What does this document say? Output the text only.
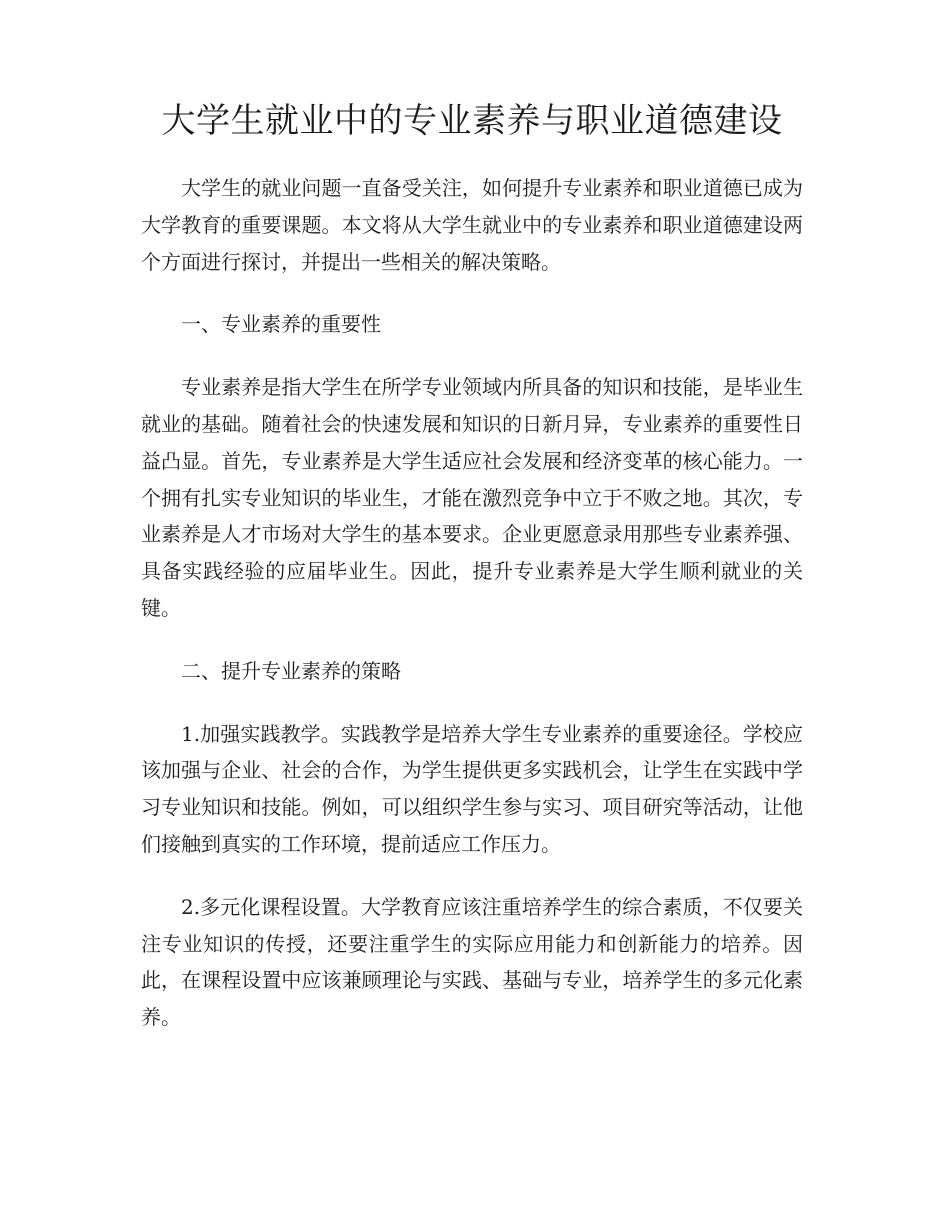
大学生就业中的专业素养与职业道德建设

大学生的就业问题一直备受关注，如何提升专业素养和职业道德已成为大学教育的重要课题。本文将从大学生就业中的专业素养和职业道德建设两个方面进行探讨，并提出一些相关的解决策略。

一、专业素养的重要性

专业素养是指大学生在所学专业领域内所具备的知识和技能，是毕业生就业的基础。随着社会的快速发展和知识的日新月异，专业素养的重要性日益凸显。首先，专业素养是大学生适应社会发展和经济变革的核心能力。一个拥有扎实专业知识的毕业生，才能在激烈竞争中立于不败之地。其次，专业素养是人才市场对大学生的基本要求。企业更愿意录用那些专业素养强、具备实践经验的应届毕业生。因此，提升专业素养是大学生顺利就业的关键。

二、提升专业素养的策略

1.加强实践教学。实践教学是培养大学生专业素养的重要途径。学校应该加强与企业、社会的合作，为学生提供更多实践机会，让学生在实践中学习专业知识和技能。例如，可以组织学生参与实习、项目研究等活动，让他们接触到真实的工作环境，提前适应工作压力。

2.多元化课程设置。大学教育应该注重培养学生的综合素质，不仅要关注专业知识的传授，还要注重学生的实际应用能力和创新能力的培养。因此，在课程设置中应该兼顾理论与实践、基础与专业，培养学生的多元化素养。
